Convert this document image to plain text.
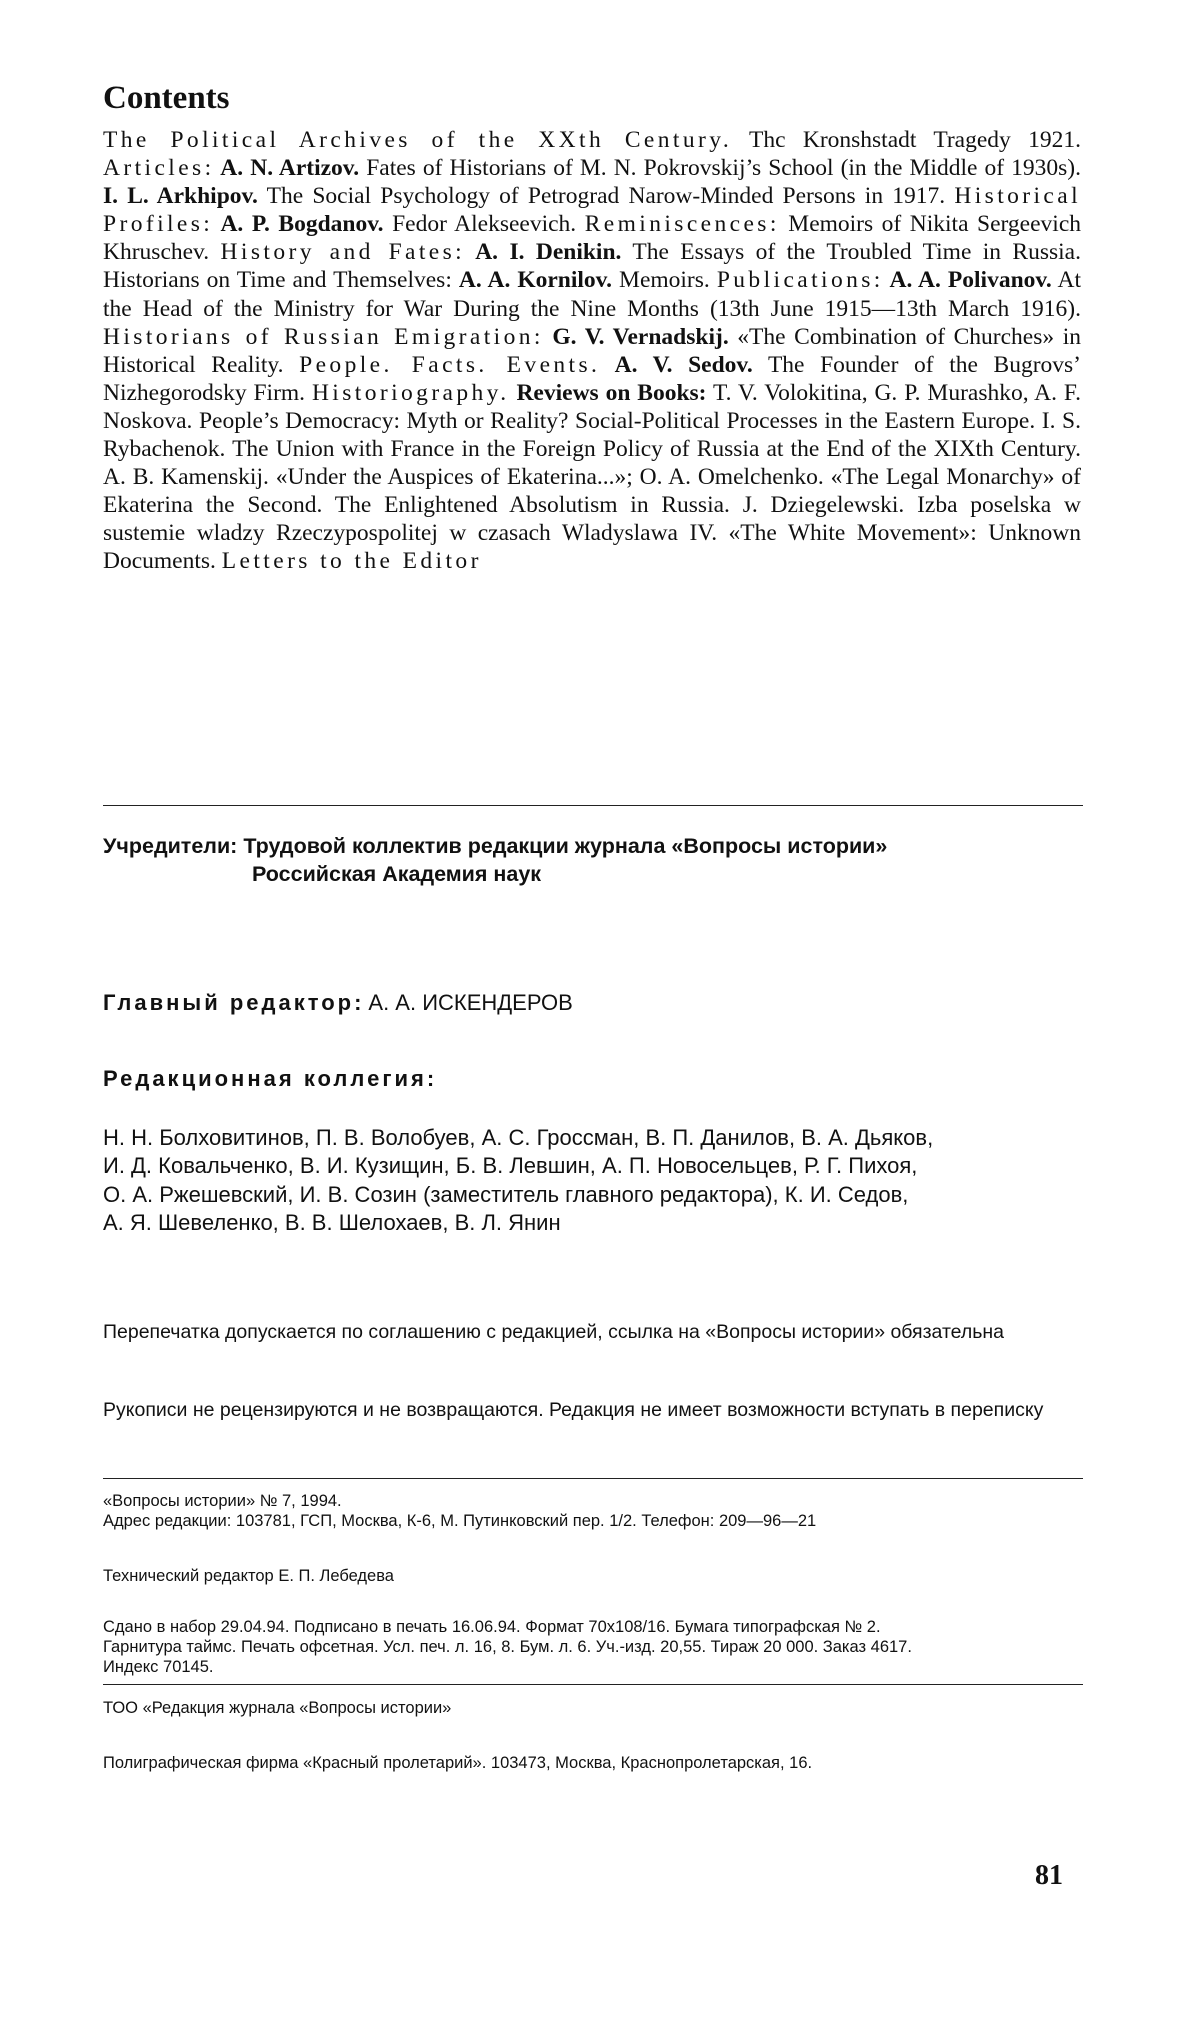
Contents

The Political Archives of the XXth Century. Thc Kronshstadt Tragedy 1921. Articles: A. N. Artizov. Fates of Historians of M. N. Pokrovskij’s School (in the Middle of 1930s). I. L. Arkhipov. The Social Psychology of Petrograd Narow-Minded Persons in 1917. Historical Profiles: A. P. Bogdanov. Fedor Alekseevich. Reminiscences: Memoirs of Nikita Sergeevich Khruschev. History and Fates: A. I. Denikin. The Essays of the Troubled Time in Russia. Historians on Time and Themselves: A. A. Kornilov. Memoirs. Publications: A. A. Polivanov. At the Head of the Ministry for War During the Nine Months (13th June 1915—13th March 1916). Historians of Russian Emigration: G. V. Vernadskij. «The Combination of Churches» in Historical Reality. People. Facts. Events. A. V. Sedov. The Founder of the Bugrovs’ Nizhegorodsky Firm. Historiography. Reviews on Books: T. V. Volokitina, G. P. Murashko, A. F. Noskova. People’s Democracy: Myth or Reality? Social-Political Processes in the Eastern Europe. I. S. Rybachenok. The Union with France in the Foreign Policy of Russia at the End of the XIXth Century. A. B. Kamenskij. «Under the Auspices of Ekaterina...»; O. A. Omelchenko. «The Legal Monarchy» of Ekaterina the Second. The Enlightened Absolutism in Russia. J. Dziegelewski. Izba poselska w sustemie wladzy Rzeczypospolitej w czasach Wladyslawa IV. «The White Movement»: Unknown Documents. Letters to the Editor

Учредители: Трудовой коллектив редакции журнала «Вопросы истории»
Российская Академия наук
Главный редактор: А. А. ИСКЕНДЕРОВ
Редакционная коллегия:
Н. Н. Болховитинов, П. В. Волобуев, А. С. Гроссман, В. П. Данилов, В. А. Дьяков,
И. Д. Ковальченко, В. И. Кузищин, Б. В. Левшин, А. П. Новосельцев, Р. Г. Пихоя,
О. А. Ржешевский, И. В. Созин (заместитель главного редактора), К. И. Седов,
А. Я. Шевеленко, В. В. Шелохаев, В. Л. Янин
Перепечатка допускается по соглашению с редакцией, ссылка на «Вопросы истории» обязательна
Рукописи не рецензируются и не возвращаются. Редакция не имеет возможности вступать в переписку
«Вопросы истории» № 7, 1994.
Адрес редакции: 103781, ГСП, Москва, К-6, М. Путинковский пер. 1/2. Телефон: 209—96—21
Технический редактор Е. П. Лебедева
Сдано в набор 29.04.94. Подписано в печать 16.06.94. Формат 70x108/16. Бумага типографская № 2.
Гарнитура таймс. Печать офсетная. Усл. печ. л. 16, 8. Бум. л. 6. Уч.-изд. 20,55. Тираж 20 000. Заказ 4617.
Индекс 70145.
ТОО «Редакция журнала «Вопросы истории»
Полиграфическая фирма «Красный пролетарий». 103473, Москва, Краснопролетарская, 16.
81
